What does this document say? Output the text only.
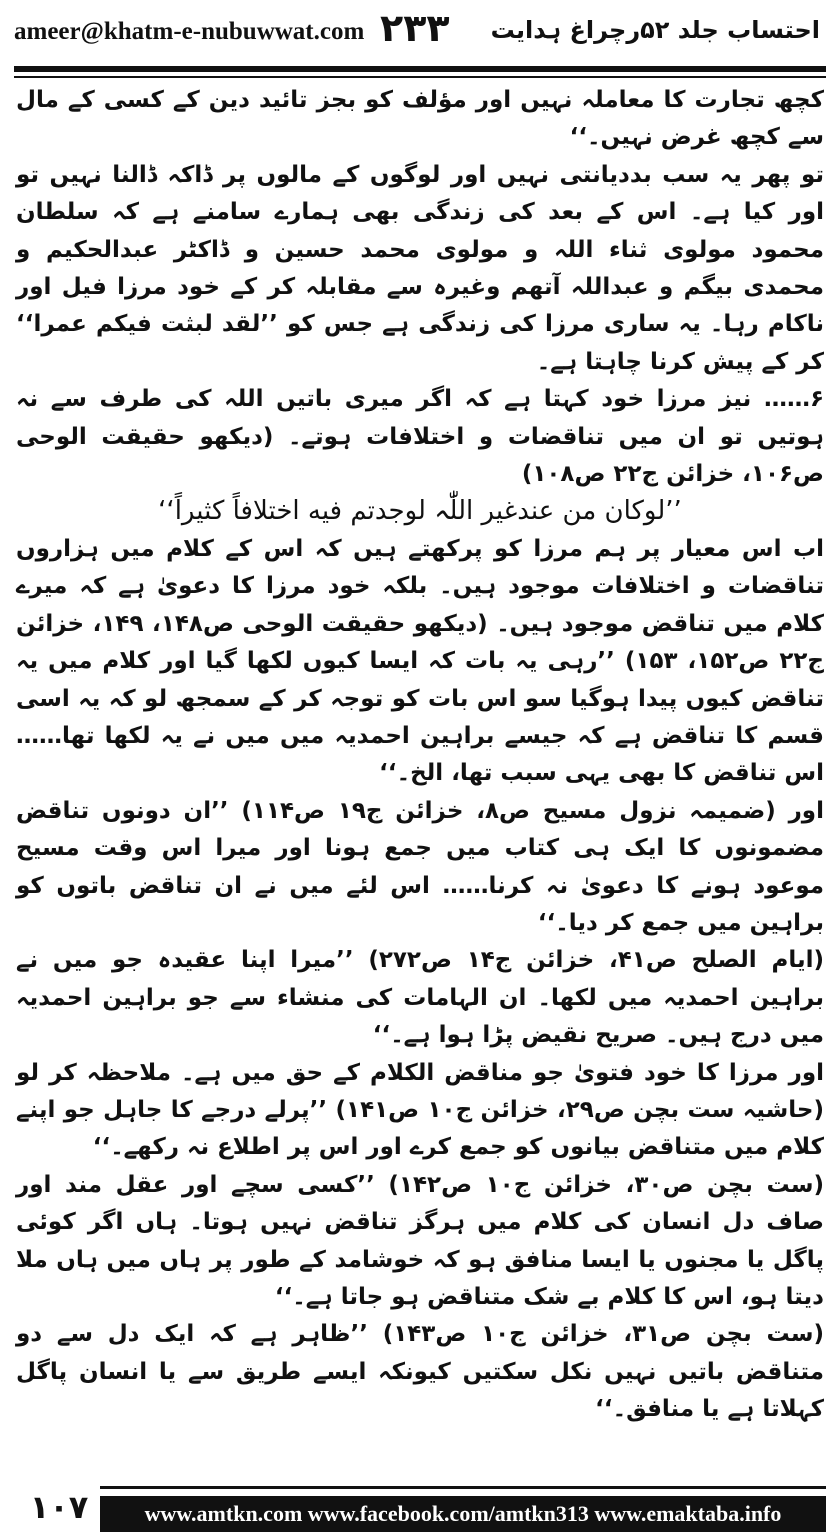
ameer@khatm-e-nubuwwat.com ۲۳۳ احتساب جلد ۵۲رچراغ ہدایت

کچھ تجارت کا معاملہ نہیں اور مؤلف کو بجز تائید دین کے کسی کے مال سے کچھ غرض نہیں۔‘‘

تو پھر یہ سب بددیانتی نہیں اور لوگوں کے مالوں پر ڈاکہ ڈالنا نہیں تو اور کیا ہے۔ اس کے بعد کی زندگی بھی ہمارے سامنے ہے کہ سلطان محمود مولوی ثناء اللہ و مولوی محمد حسین و ڈاکٹر عبدالحکیم و محمدی بیگم و عبداللہ آتھم وغیرہ سے مقابلہ کر کے خود مرزا فیل اور ناکام رہا۔ یہ ساری مرزا کی زندگی ہے جس کو ’’لقد لبثت فیکم عمرا‘‘ کر کے پیش کرنا چاہتا ہے۔

۶…… نیز مرزا خود کہتا ہے کہ اگر میری باتیں اللہ کی طرف سے نہ ہوتیں تو ان میں تناقضات و اختلافات ہوتے۔ (دیکھو حقیقت الوحی ص۱۰۶، خزائن ج۲۲ ص۱۰۸)

’’لوکان من عندغیر اللّٰہ لوجدتم فیه اختلافاً کثیراً‘‘

اب اس معیار پر ہم مرزا کو پرکھتے ہیں کہ اس کے کلام میں ہزاروں تناقضات و اختلافات موجود ہیں۔ بلکہ خود مرزا کا دعویٰ ہے کہ میرے کلام میں تناقض موجود ہیں۔ (دیکھو حقیقت الوحی ص۱۴۸، ۱۴۹، خزائن ج۲۲ ص۱۵۲، ۱۵۳) ’’رہی یہ بات کہ ایسا کیوں لکھا گیا اور کلام میں یہ تناقض کیوں پیدا ہوگیا سو اس بات کو توجہ کر کے سمجھ لو کہ یہ اسی قسم کا تناقض ہے کہ جیسے براہین احمدیہ میں میں نے یہ لکھا تھا…… اس تناقض کا بھی یہی سبب تھا، الخ۔‘‘

اور (ضمیمہ نزول مسیح ص۸، خزائن ج۱۹ ص۱۱۴) ’’ان دونوں تناقض مضمونوں کا ایک ہی کتاب میں جمع ہونا اور میرا اس وقت مسیح موعود ہونے کا دعویٰ نہ کرنا…… اس لئے میں نے ان تناقض باتوں کو براہین میں جمع کر دیا۔‘‘

(ایام الصلح ص۴۱، خزائن ج۱۴ ص۲۷۲) ’’میرا اپنا عقیدہ جو میں نے براہین احمدیہ میں لکھا۔ ان الہامات کی منشاء سے جو براہین احمدیہ میں درج ہیں۔ صریح نقیض پڑا ہوا ہے۔‘‘

اور مرزا کا خود فتویٰ جو مناقض الکلام کے حق میں ہے۔ ملاحظہ کر لو (حاشیہ ست بچن ص۲۹، خزائن ج۱۰ ص۱۴۱) ’’پرلے درجے کا جاہل جو اپنے کلام میں متناقض بیانوں کو جمع کرے اور اس پر اطلاع نہ رکھے۔‘‘

(ست بچن ص۳۰، خزائن ج۱۰ ص۱۴۲) ’’کسی سچے اور عقل مند اور صاف دل انسان کی کلام میں ہرگز تناقض نہیں ہوتا۔ ہاں اگر کوئی پاگل یا مجنوں یا ایسا منافق ہو کہ خوشامد کے طور پر ہاں میں ہاں ملا دیتا ہو، اس کا کلام بے شک متناقض ہو جاتا ہے۔‘‘

(ست بچن ص۳۱، خزائن ج۱۰ ص۱۴۳) ’’ظاہر ہے کہ ایک دل سے دو متناقض باتیں نہیں نکل سکتیں کیونکہ ایسے طریق سے یا انسان پاگل کہلاتا ہے یا منافق۔‘‘

۱۰۷	www.amtkn.com www.facebook.com/amtkn313 www.emaktaba.info
